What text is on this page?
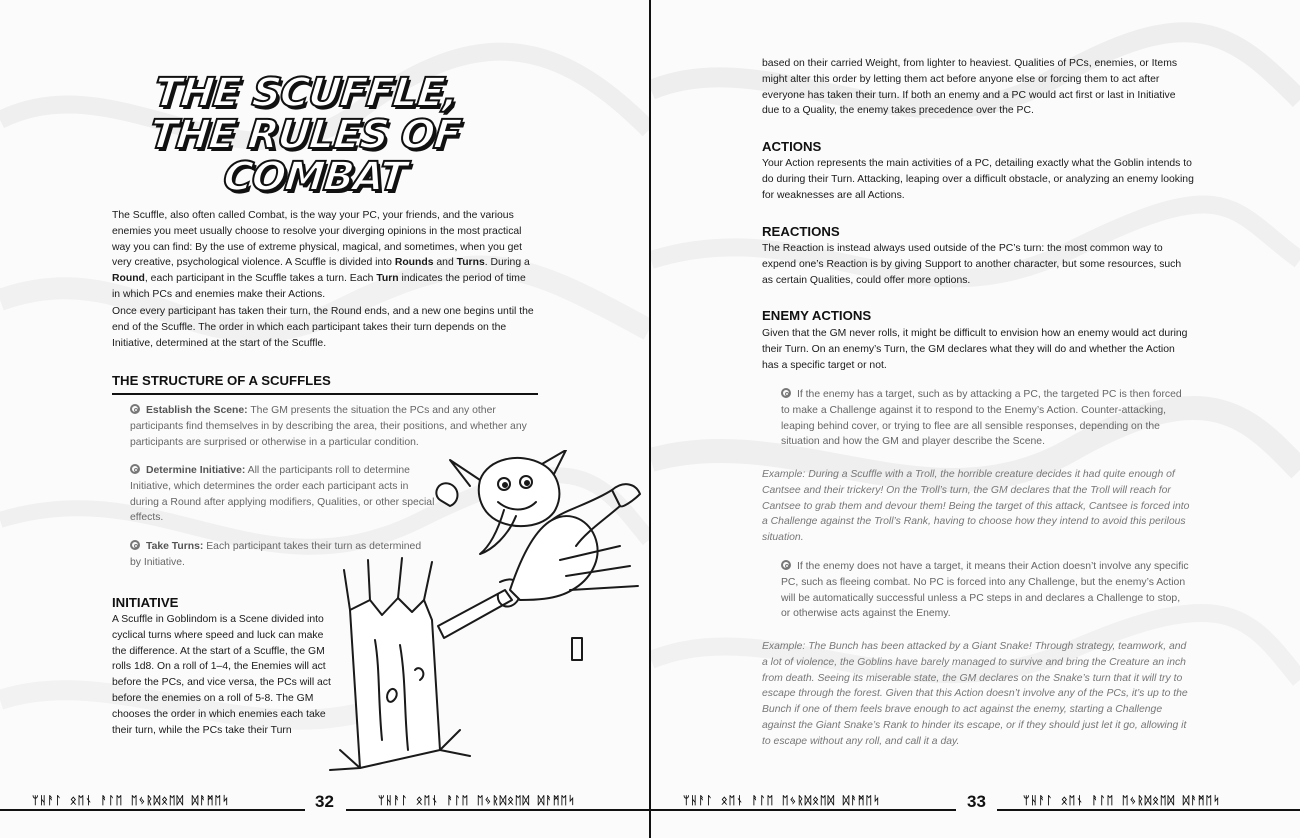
THE SCUFFLE,
THE RULES OF
COMBAT

The Scuffle, also often called Combat, is the way your PC, your friends, and the various enemies you meet usually choose to resolve your diverging opinions in the most practical way you can find: By the use of extreme physical, magical, and sometimes, when you get very creative, psychological violence. A Scuffle is divided into Rounds and Turns. During a Round, each participant in the Scuffle takes a turn. Each Turn indicates the period of time in which PCs and enemies make their Actions.

Once every participant has taken their turn, the Round ends, and a new one begins until the end of the Scuffle. The order in which each participant takes their turn depends on the Initiative, determined at the start of the Scuffle.

THE STRUCTURE OF A SCUFFLES
Establish the Scene: The GM presents the situation the PCs and any other participants find themselves in by describing the area, their positions, and whether any participants are surprised or otherwise in a particular condition.
Determine Initiative: All the participants roll to determine Initiative, which determines the order each participant acts in during a Round after applying modifiers, Qualities, or other special effects.
Take Turns: Each participant takes their turn as determined by Initiative.
INITIATIVE

A Scuffle in Goblindom is a Scene divided into cyclical turns where speed and luck can make the difference. At the start of a Scuffle, the GM rolls 1d8. On a roll of 1–4, the Enemies will act before the PCs, and vice versa, the PCs will act before the enemies on a roll of 5-8. The GM chooses the order in which enemies each take their turn, while the PCs take their Turn

ᛘᚺᚨᛚ ᛟᛖᚾ ᚨᛚᛖ ᛖᛃᚱᛞᛟᛖᛞ ᛞᚨᛗᛖᛋ	32	ᛘᚺᚨᛚ ᛟᛖᚾ ᚨᛚᛖ ᛖᛃᚱᛞᛟᛖᛞ ᛞᚨᛗᛖᛋ

based on their carried Weight, from lighter to heaviest. Qualities of PCs, enemies, or Items might alter this order by letting them act before anyone else or forcing them to act after everyone has taken their turn. If both an enemy and a PC would act first or last in Initiative due to a Quality, the enemy takes precedence over the PC.

ACTIONS

Your Action represents the main activities of a PC, detailing exactly what the Goblin intends to do during their Turn. Attacking, leaping over a difficult obstacle, or analyzing an enemy looking for weaknesses are all Actions.

REACTIONS

The Reaction is instead always used outside of the PC’s turn: the most common way to expend one’s Reaction is by giving Support to another character, but some resources, such as certain Qualities, could offer more options.

ENEMY ACTIONS

Given that the GM never rolls, it might be difficult to envision how an enemy would act during their Turn. On an enemy’s Turn, the GM declares what they will do and whether the Action has a specific target or not.

If the enemy has a target, such as by attacking a PC, the targeted PC is then forced to make a Challenge against it to respond to the Enemy’s Action. Counter-attacking, leaping behind cover, or trying to flee are all sensible responses, depending on the situation and how the GM and player describe the Scene.

Example: During a Scuffle with a Troll, the horrible creature decides it had quite enough of Cantsee and their trickery! On the Troll’s turn, the GM declares that the Troll will reach for Cantsee to grab them and devour them! Being the target of this attack, Cantsee is forced into a Challenge against the Troll’s Rank, having to choose how they intend to avoid this perilous situation.

If the enemy does not have a target, it means their Action doesn’t involve any specific PC, such as fleeing combat. No PC is forced into any Challenge, but the enemy’s Action will be automatically successful unless a PC steps in and declares a Challenge to stop, or otherwise acts against the Enemy.

Example: The Bunch has been attacked by a Giant Snake! Through strategy, teamwork, and a lot of violence, the Goblins have barely managed to survive and bring the Creature an inch from death. Seeing its miserable state, the GM declares on the Snake’s turn that it will try to escape through the forest. Given that this Action doesn’t involve any of the PCs, it’s up to the Bunch if one of them feels brave enough to act against the enemy, starting a Challenge against the Giant Snake’s Rank to hinder its escape, or if they should just let it go, allowing it to escape without any roll, and call it a day.

ᛘᚺᚨᛚ ᛟᛖᚾ ᚨᛚᛖ ᛖᛃᚱᛞᛟᛖᛞ ᛞᚨᛗᛖᛋ	33	ᛘᚺᚨᛚ ᛟᛖᚾ ᚨᛚᛖ ᛖᛃᚱᛞᛟᛖᛞ ᛞᚨᛗᛖᛋ
